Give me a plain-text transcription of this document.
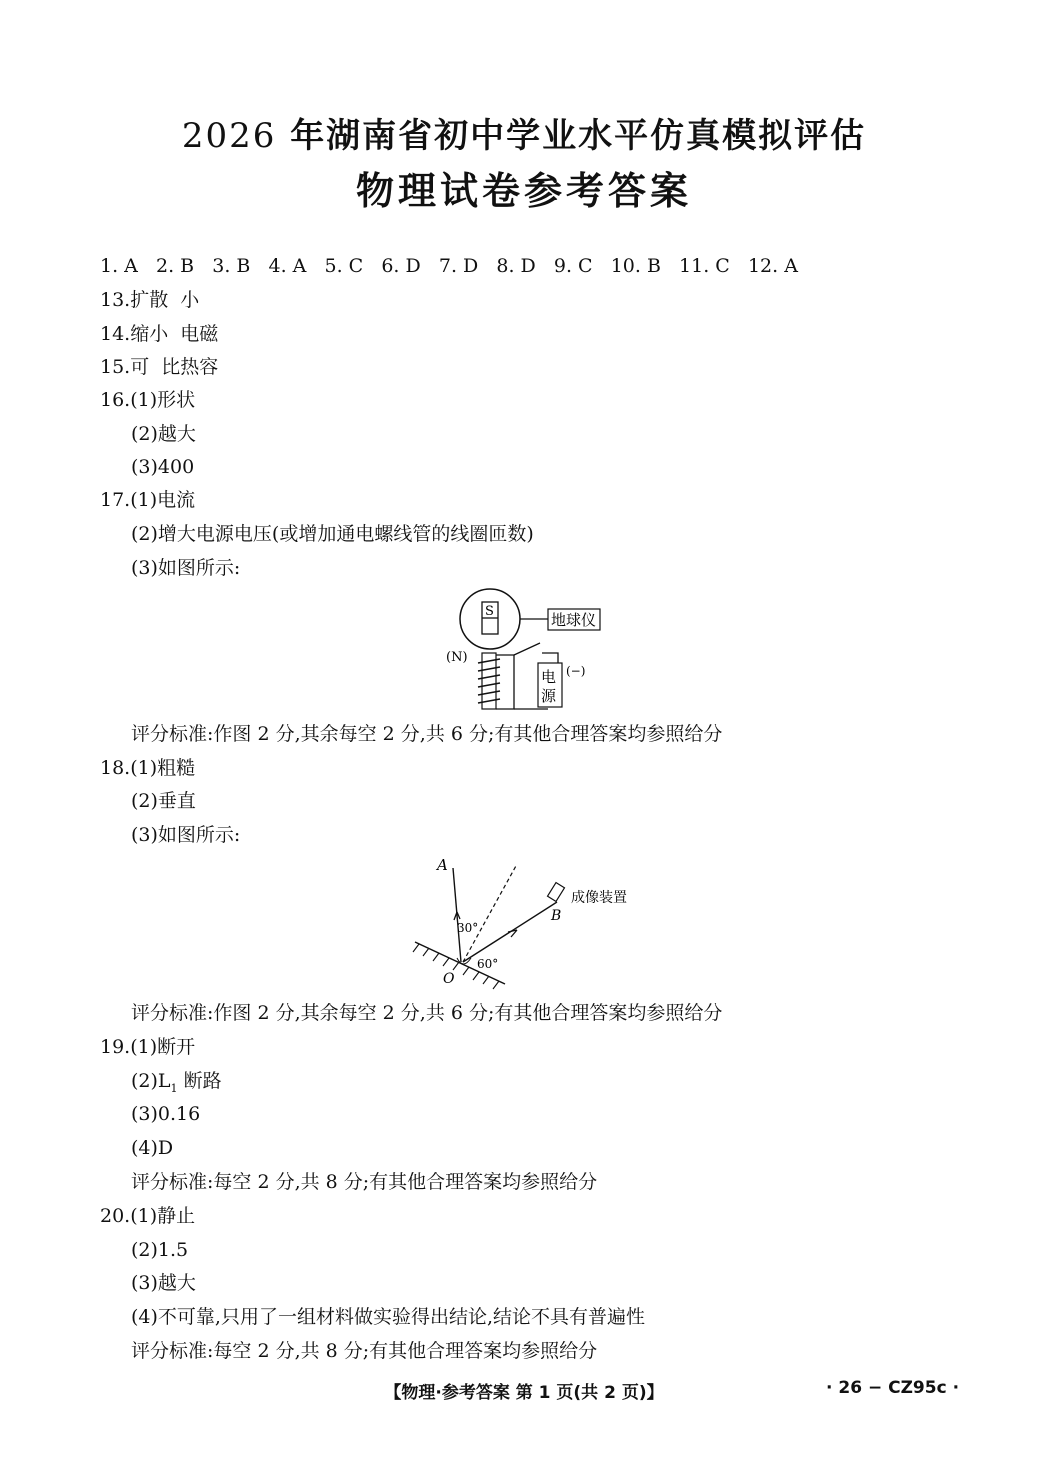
2026 年湖南省初中学业水平仿真模拟评估
物理试卷参考答案
1. A   2. B   3. B   4. A   5. C   6. D   7. D   8. D   9. C   10. B   11. C   12. A
13.扩散  小
14.缩小  电磁
15.可  比热容
16.(1)形状
(2)越大
(3)400
17.(1)电流
(2)增大电源电压(或增加通电螺线管的线圈匝数)
(3)如图所示:
S	地球仪
(N)
电
源
(−)
评分标准:作图 2 分,其余每空 2 分,共 6 分;有其他合理答案均参照给分
18.(1)粗糙
(2)垂直
(3)如图所示:
A
B
成像装置
30°
60°
O
评分标准:作图 2 分,其余每空 2 分,共 6 分;有其他合理答案均参照给分
19.(1)断开
$(2)L_1$ 断路
(3)0.16
(4)D
评分标准:每空 2 分,共 8 分;有其他合理答案均参照给分
20.(1)静止
(2)1.5
(3)越大
(4)不可靠,只用了一组材料做实验得出结论,结论不具有普遍性
评分标准:每空 2 分,共 8 分;有其他合理答案均参照给分
【物理·参考答案 第 1 页(共 2 页)】	· 26 − CZ95c ·
